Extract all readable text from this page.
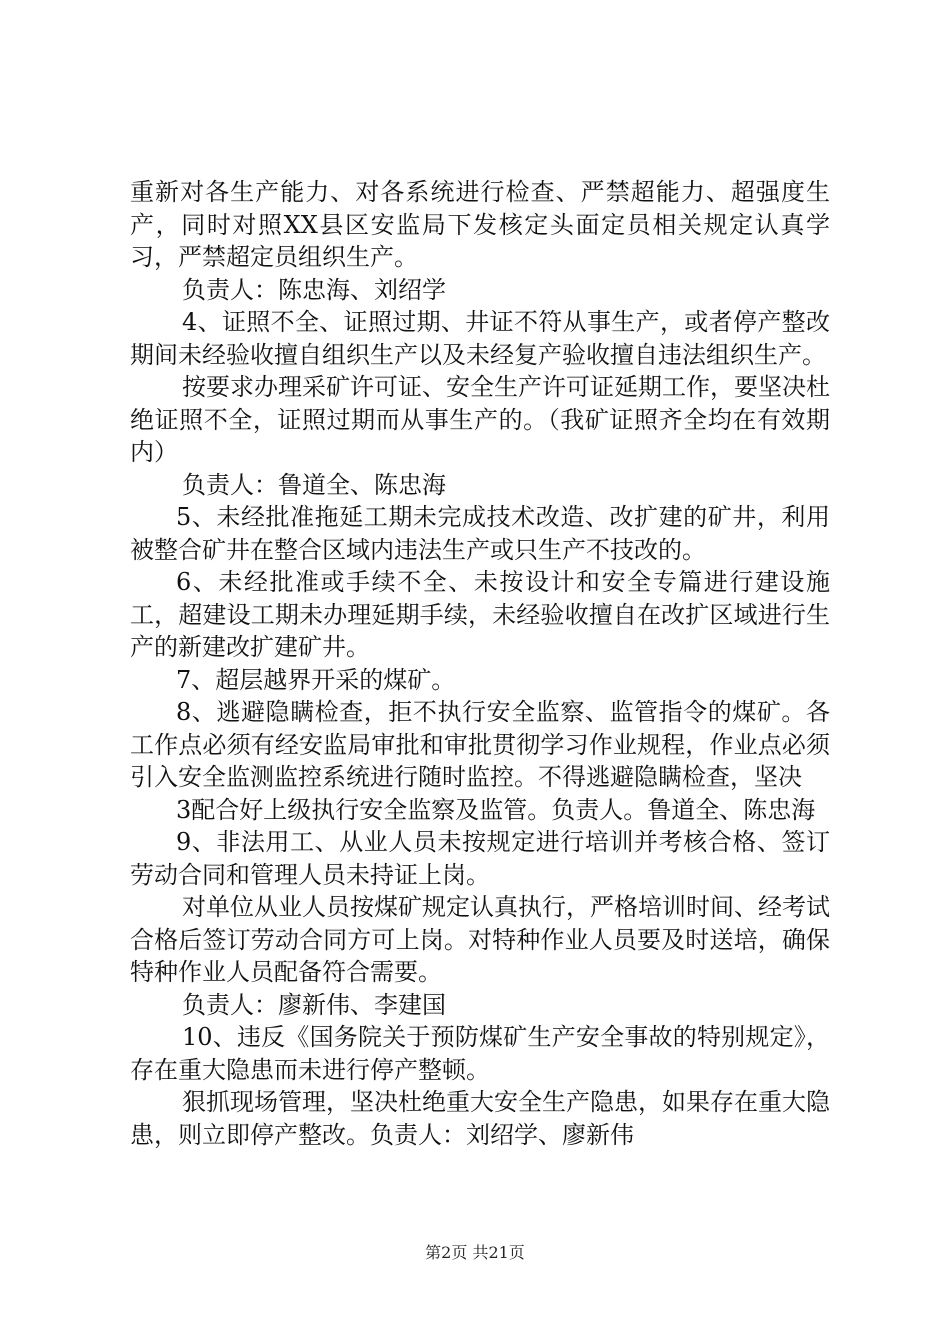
重新对各生产能力、对各系统进行检查、严禁超能力、超强度生产，同时对照XX县区安监局下发核定头面定员相关规定认真学习，严禁超定员组织生产。

负责人：陈忠海、刘绍学

4、证照不全、证照过期、井证不符从事生产，或者停产整改期间未经验收擅自组织生产以及未经复产验收擅自违法组织生产。

按要求办理采矿许可证、安全生产许可证延期工作，要坚决杜绝证照不全，证照过期而从事生产的。（我矿证照齐全均在有效期内）

负责人：鲁道全、陈忠海

5、未经批准拖延工期未完成技术改造、改扩建的矿井，利用被整合矿井在整合区域内违法生产或只生产不技改的。

6、未经批准或手续不全、未按设计和安全专篇进行建设施工，超建设工期未办理延期手续，未经验收擅自在改扩区域进行生产的新建改扩建矿井。

7、超层越界开采的煤矿。

8、逃避隐瞒检查，拒不执行安全监察、监管指令的煤矿。各工作点必须有经安监局审批和审批贯彻学习作业规程，作业点必须引入安全监测监控系统进行随时监控。不得逃避隐瞒检查，坚决

3配合好上级执行安全监察及监管。负责人。鲁道全、陈忠海

9、非法用工、从业人员未按规定进行培训并考核合格、签订劳动合同和管理人员未持证上岗。

对单位从业人员按煤矿规定认真执行，严格培训时间、经考试合格后签订劳动合同方可上岗。对特种作业人员要及时送培，确保特种作业人员配备符合需要。

负责人：廖新伟、李建国

10、违反《国务院关于预防煤矿生产安全事故的特别规定》，存在重大隐患而未进行停产整顿。

狠抓现场管理，坚决杜绝重大安全生产隐患，如果存在重大隐患，则立即停产整改。负责人：刘绍学、廖新伟

第2页 共21页
